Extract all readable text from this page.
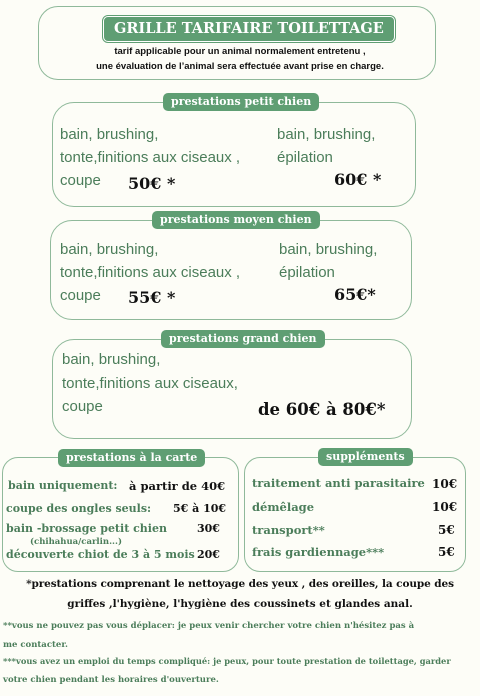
GRILLE TARIFAIRE TOILETTAGE
tarif applicable pour un animal normalement entretenu ,
une évaluation de l’animal sera effectuée avant prise en charge.
prestations petit chien
bain, brushing,
tonte,finitions aux ciseaux ,
coupe 50€ *
bain, brushing,
épilation
60€ *
prestations moyen chien
bain, brushing,
tonte,finitions aux ciseaux ,
coupe 55€ *
bain, brushing,
épilation
65€*
prestations grand chien
bain, brushing,
tonte,finitions aux ciseaux,
coupe	de 60€ à 80€*
prestations à la carte
bain uniquement: à partir de 40€
coupe des ongles seuls: 5€ à 10€
bain -brossage petit chien	30€
(chihahua/carlin...)
découverte chiot de 3 à 5 mois 20€
suppléments
traitement anti parasitaire 10€
démêlage	10€
transport**	5€
frais gardiennage***	5€
*prestations comprenant le nettoyage des yeux , des oreilles, la coupe des
griffes ,l'hygiène, l'hygiène des coussinets et glandes anal.
**vous ne pouvez pas vous déplacer: je peux venir chercher votre chien n'hésitez pas à
me contacter.
***vous avez un emploi du temps compliqué: je peux, pour toute prestation de toilettage, garder
votre chien pendant les horaires d'ouverture.
